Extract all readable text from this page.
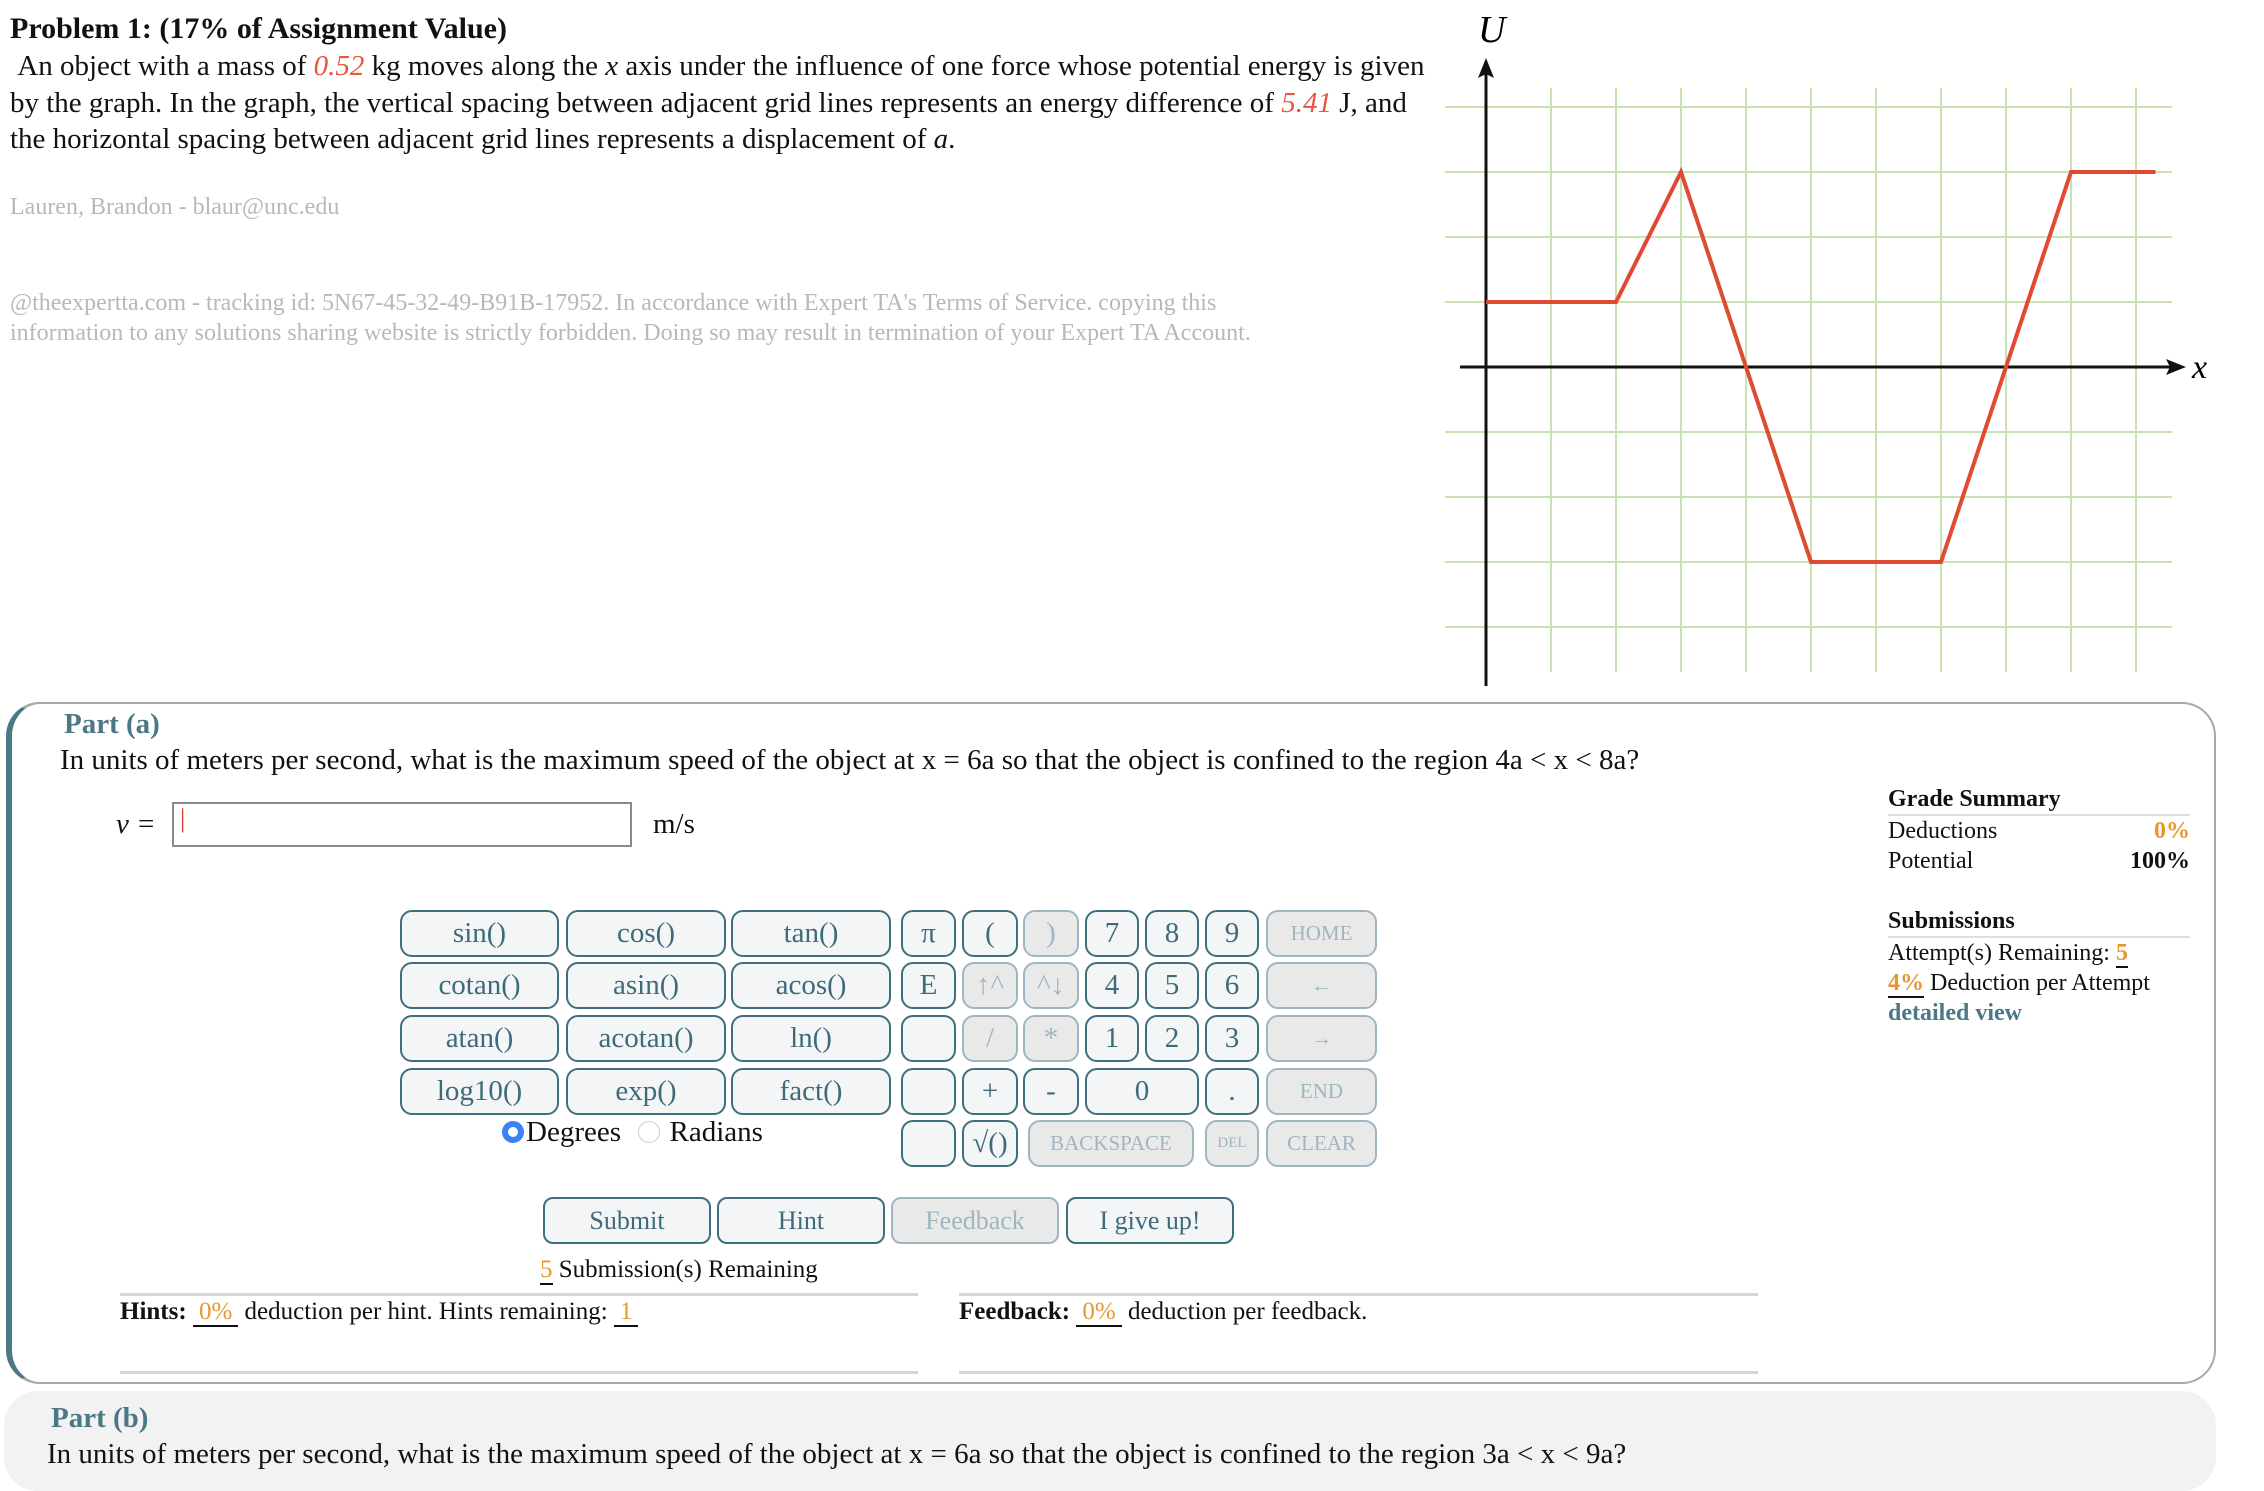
Problem 1: (17% of Assignment Value)
An object with a mass of 0.52 kg moves along the x axis under the influence of one force whose potential energy is given by the graph. In the graph, the vertical spacing between adjacent grid lines represents an energy difference of 5.41 J, and the horizontal spacing between adjacent grid lines represents a displacement of a.
Lauren, Brandon - blaur@unc.edu
@theexpertta.com - tracking id: 5N67-45-32-49-B91B-17952. In accordance with Expert TA's Terms of Service. copying this
information to any solutions sharing website is strictly forbidden. Doing so may result in termination of your Expert TA Account.
x
U
Part (a)
In units of meters per second, what is the maximum speed of the object at x = 6a so that the object is confined to the region 4a < x < 8a?
v = |	m/s
sin()	cos()	tan()
cotan()	asin()	acos()
atan()	acotan()	ln()
log10()	exp()	fact()
π	(	)	7	8	9	HOME
E	↑^	^↓	4	5	6	←
/	*	1	2	3	→
+	-	0	.	END
√()	BACKSPACE	DEL	CLEAR
Degrees Radians
Submit	Hint	Feedback	I give up!
5 Submission(s) Remaining
Hints: 0% deduction per hint. Hints remaining: 1	Feedback: 0% deduction per feedback.
Grade Summary
Deductions	0%
Potential	100%
Submissions
Attempt(s) Remaining: 5
4% Deduction per Attempt
detailed view
Part (b)
In units of meters per second, what is the maximum speed of the object at x = 6a so that the object is confined to the region 3a < x < 9a?
